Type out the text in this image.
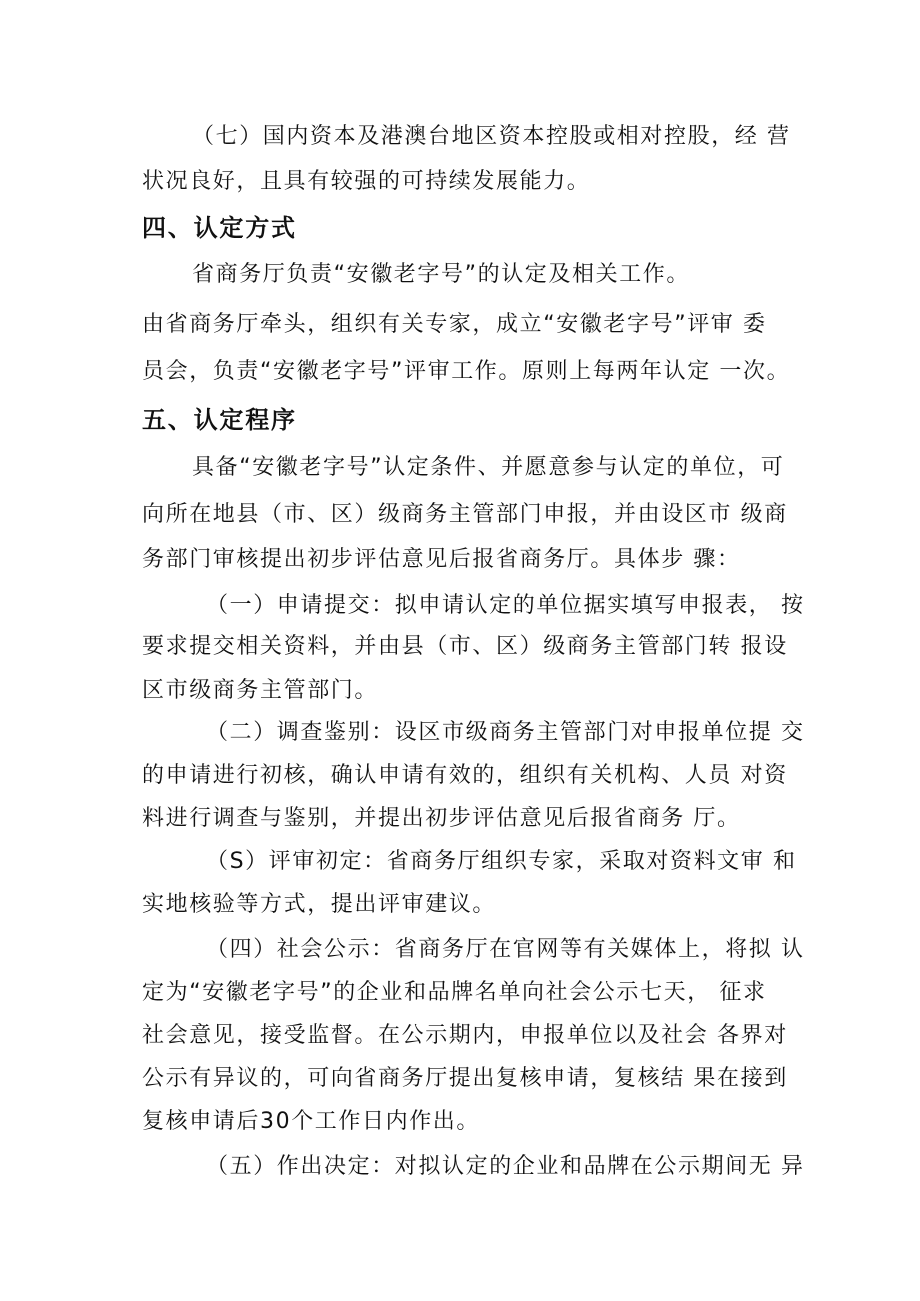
（七）国内资本及港澳台地区资本控股或相对控股，经 营

状况良好，且具有较强的可持续发展能力。

四、认定方式

省商务厅负责“安徽老字号”的认定及相关工作。

由省商务厅牵头，组织有关专家，成立“安徽老字号”评审 委

员会，负责“安徽老字号”评审工作。原则上每两年认定 一次。

五、认定程序

具备“安徽老字号”认定条件、并愿意参与认定的单位，可

向所在地县（市、区）级商务主管部门申报，并由设区市 级商

务部门审核提出初步评估意见后报省商务厅。具体步 骤：

（一）申请提交：拟申请认定的单位据实填写申报表， 按

要求提交相关资料，并由县（市、区）级商务主管部门转 报设

区市级商务主管部门。

（二）调查鉴别：设区市级商务主管部门对申报单位提 交

的申请进行初核，确认申请有效的，组织有关机构、人员 对资

料进行调查与鉴别，并提出初步评估意见后报省商务 厅。

（S）评审初定：省商务厅组织专家，采取对资料文审 和

实地核验等方式，提出评审建议。

（四）社会公示：省商务厅在官网等有关媒体上，将拟 认

定为“安徽老字号”的企业和品牌名单向社会公示七天， 征求

社会意见，接受监督。在公示期内，申报单位以及社会 各界对

公示有异议的，可向省商务厅提出复核申请，复核结 果在接到

复核申请后30个工作日内作出。

（五）作出决定：对拟认定的企业和品牌在公示期间无 异
